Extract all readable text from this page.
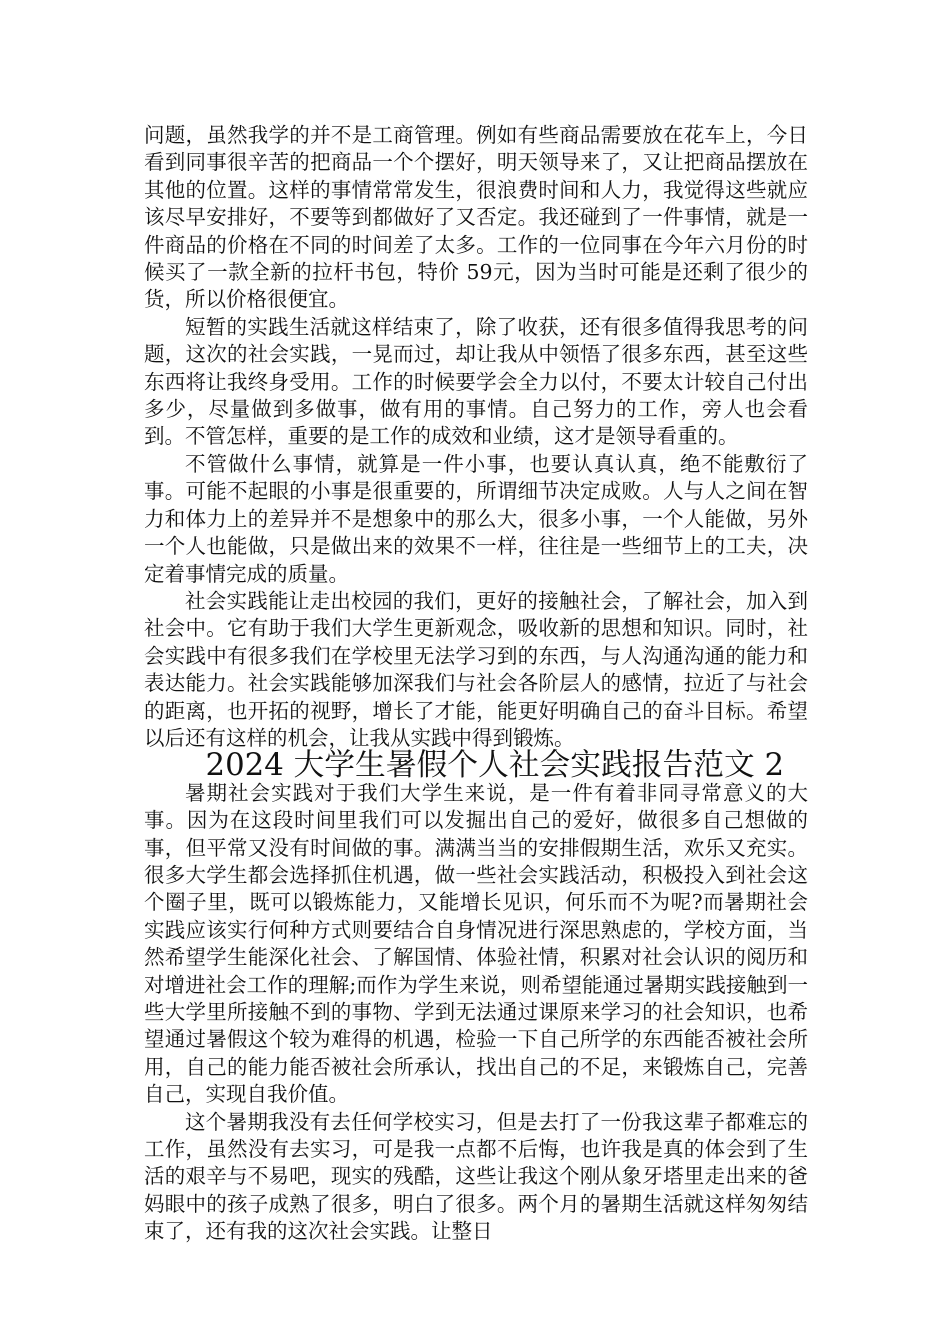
问题，虽然我学的并不是工商管理。例如有些商品需要放在花车上，今日看到同事很辛苦的把商品一个个摆好，明天领导来了，又让把商品摆放在其他的位置。这样的事情常常发生，很浪费时间和人力，我觉得这些就应该尽早安排好，不要等到都做好了又否定。我还碰到了一件事情，就是一件商品的价格在不同的时间差了太多。工作的一位同事在今年六月份的时候买了一款全新的拉杆书包，特价 59元，因为当时可能是还剩了很少的货，所以价格很便宜。

短暂的实践生活就这样结束了，除了收获，还有很多值得我思考的问题，这次的社会实践，一晃而过，却让我从中领悟了很多东西，甚至这些东西将让我终身受用。工作的时候要学会全力以付，不要太计较自己付出多少，尽量做到多做事，做有用的事情。自己努力的工作，旁人也会看到。不管怎样，重要的是工作的成效和业绩，这才是领导看重的。

不管做什么事情，就算是一件小事，也要认真认真，绝不能敷衍了事。可能不起眼的小事是很重要的，所谓细节决定成败。人与人之间在智力和体力上的差异并不是想象中的那么大，很多小事，一个人能做，另外一个人也能做，只是做出来的效果不一样，往往是一些细节上的工夫，决定着事情完成的质量。

社会实践能让走出校园的我们，更好的接触社会，了解社会，加入到社会中。它有助于我们大学生更新观念，吸收新的思想和知识。同时，社会实践中有很多我们在学校里无法学习到的东西，与人沟通沟通的能力和表达能力。社会实践能够加深我们与社会各阶层人的感情，拉近了与社会的距离，也开拓的视野，增长了才能，能更好明确自己的奋斗目标。希望以后还有这样的机会，让我从实践中得到锻炼。

2024 大学生暑假个人社会实践报告范文 2

暑期社会实践对于我们大学生来说，是一件有着非同寻常意义的大事。因为在这段时间里我们可以发掘出自己的爱好，做很多自己想做的事，但平常又没有时间做的事。满满当当的安排假期生活，欢乐又充实。很多大学生都会选择抓住机遇，做一些社会实践活动，积极投入到社会这个圈子里，既可以锻炼能力，又能增长见识，何乐而不为呢?而暑期社会实践应该实行何种方式则要结合自身情况进行深思熟虑的，学校方面，当然希望学生能深化社会、了解国情、体验社情，积累对社会认识的阅历和对增进社会工作的理解;而作为学生来说，则希望能通过暑期实践接触到一些大学里所接触不到的事物、学到无法通过课原来学习的社会知识，也希望通过暑假这个较为难得的机遇，检验一下自己所学的东西能否被社会所用，自己的能力能否被社会所承认，找出自己的不足，来锻炼自己，完善自己，实现自我价值。

这个暑期我没有去任何学校实习，但是去打了一份我这辈子都难忘的工作，虽然没有去实习，可是我一点都不后悔，也许我是真的体会到了生活的艰辛与不易吧，现实的残酷，这些让我这个刚从象牙塔里走出来的爸妈眼中的孩子成熟了很多，明白了很多。两个月的暑期生活就这样匆匆结束了，还有我的这次社会实践。让整日
